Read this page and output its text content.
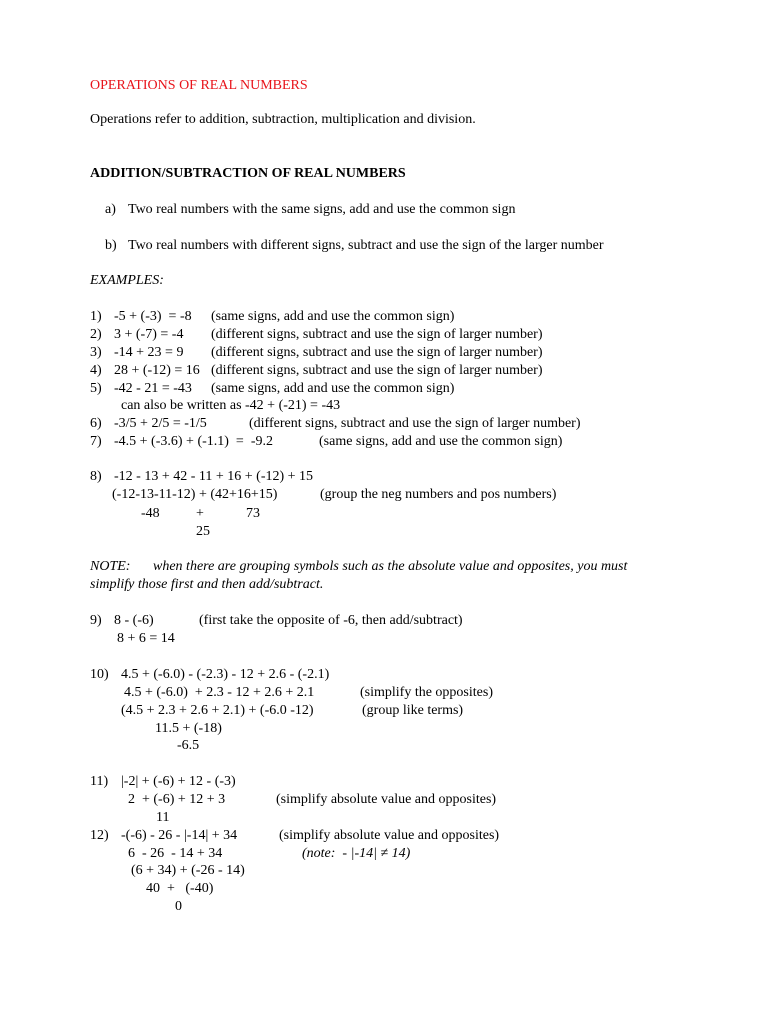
OPERATIONS OF REAL NUMBERS
Operations refer to addition, subtraction, multiplication and division.
ADDITION/SUBTRACTION OF REAL NUMBERS
a) Two real numbers with the same signs, add and use the common sign
b) Two real numbers with different signs, subtract and use the sign of the larger number
EXAMPLES:
1) -5 + (-3)  = -8 (same signs, add and use the common sign)
2) 3 + (-7) = -4 (different signs, subtract and use the sign of larger number)
3) -14 + 23 = 9 (different signs, subtract and use the sign of larger number)
4) 28 + (-12) = 16 (different signs, subtract and use the sign of larger number)
5) -42 - 21 = -43 (same signs, add and use the common sign)
can also be written as -42 + (-21) = -43
6) -3/5 + 2/5 = -1/5	(different signs, subtract and use the sign of larger number)
7) -4.5 + (-3.6) + (-1.1)  =  -9.2	(same signs, add and use the common sign)
8) -12 - 13 + 42 - 11 + 16 + (-12) + 15
(-12-13-11-12) + (42+16+15)	(group the neg numbers and pos numbers)
-48	+	73
25
NOTE: when there are grouping symbols such as the absolute value and opposites, you must
simplify those first and then add/subtract.
9) 8 - (-6)	(first take the opposite of -6, then add/subtract)
8 + 6 = 14
10) 4.5 + (-6.0) - (-2.3) - 12 + 2.6 - (-2.1)
4.5 + (-6.0)  + 2.3 - 12 + 2.6 + 2.1	(simplify the opposites)
(4.5 + 2.3 + 2.6 + 2.1) + (-6.0 -12)	(group like terms)
11.5 + (-18)
-6.5
11) |-2| + (-6) + 12 - (-3)
2  + (-6) + 12 + 3	(simplify absolute value and opposites)
11
12) -(-6) - 26 - |-14| + 34	(simplify absolute value and opposites)
6  - 26  - 14 + 34	(note:  - |-14| ≠ 14)
(6 + 34) + (-26 - 14)
40  +   (-40)
0
